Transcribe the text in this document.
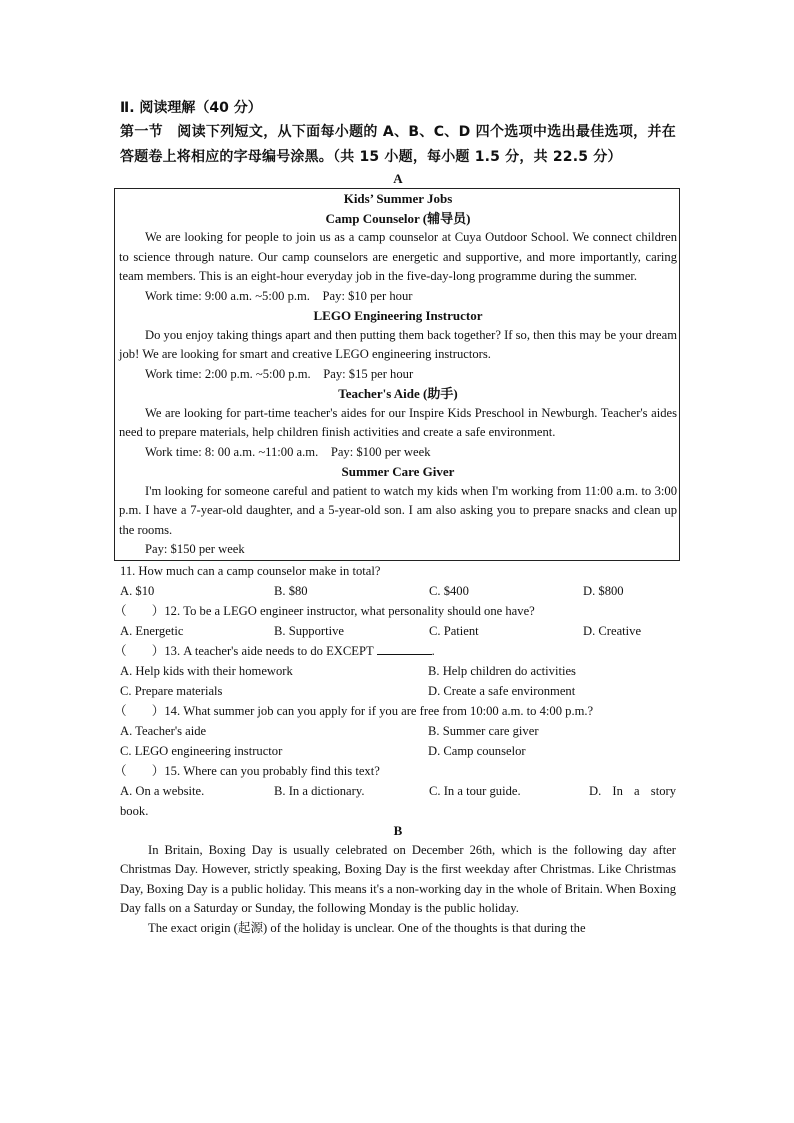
Ⅱ. 阅读理解（40 分）

第一节　阅读下列短文，从下面每小题的 A、B、C、D 四个选项中选出最佳选项，并在答题卷上将相应的字母编号涂黑。（共 15 小题，每小题 1.5 分，共 22.5 分）

A

Kids’ Summer Jobs

Camp Counselor (辅导员)

We are looking for people to join us as a camp counselor at Cuya Outdoor School. We connect children to science through nature. Our camp counselors are energetic and supportive, and more importantly, caring team members. This is an eight-hour everyday job in the five-day-long programme during the summer.

Work time: 9:00 a.m. ~5:00 p.m.    Pay: $10 per hour

LEGO Engineering Instructor

Do you enjoy taking things apart and then putting them back together? If so, then this may be your dream job! We are looking for smart and creative LEGO engineering instructors.

Work time: 2:00 p.m. ~5:00 p.m.    Pay: $15 per hour

Teacher's Aide (助手)

We are looking for part-time teacher's aides for our Inspire Kids Preschool in Newburgh. Teacher's aides need to prepare materials, help children finish activities and create a safe environment.

Work time: 8: 00 a.m. ~11:00 a.m.    Pay: $100 per week

Summer Care Giver

I'm looking for someone careful and patient to watch my kids when I'm working from 11:00 a.m. to 3:00 p.m. I have a 7-year-old daughter, and a 5-year-old son. I am also asking you to prepare snacks and clean up the rooms.

Pay: $150 per week

11. How much can a camp counselor make in total?

A. $10	B. $80	C. $400	D. $800

（　　）12. To be a LEGO engineer instructor, what personality should one have?

A. Energetic	B. Supportive	C. Patient	D. Creative

（　　）13. A teacher's aide needs to do EXCEPT	.

A. Help kids with their homework	B. Help children do activities

C. Prepare materials	D. Create a safe environment

（　　）14. What summer job can you apply for if you are free from 10:00 a.m. to 4:00 p.m.?

A. Teacher's aide	B. Summer care giver

C. LEGO engineering instructor	D. Camp counselor

（　　）15. Where can you probably find this text?

A. On a website.	B. In a dictionary.	C. In a tour guide.	D. In a story

book.

B

In Britain, Boxing Day is usually celebrated on December 26th, which is the following day after Christmas Day. However, strictly speaking, Boxing Day is the first weekday after Christmas. Like Christmas Day, Boxing Day is a public holiday. This means it's a non-working day in the whole of Britain. When Boxing Day falls on a Saturday or Sunday, the following Monday is the public holiday.

The exact origin (起源) of the holiday is unclear. One of the thoughts is that during the
